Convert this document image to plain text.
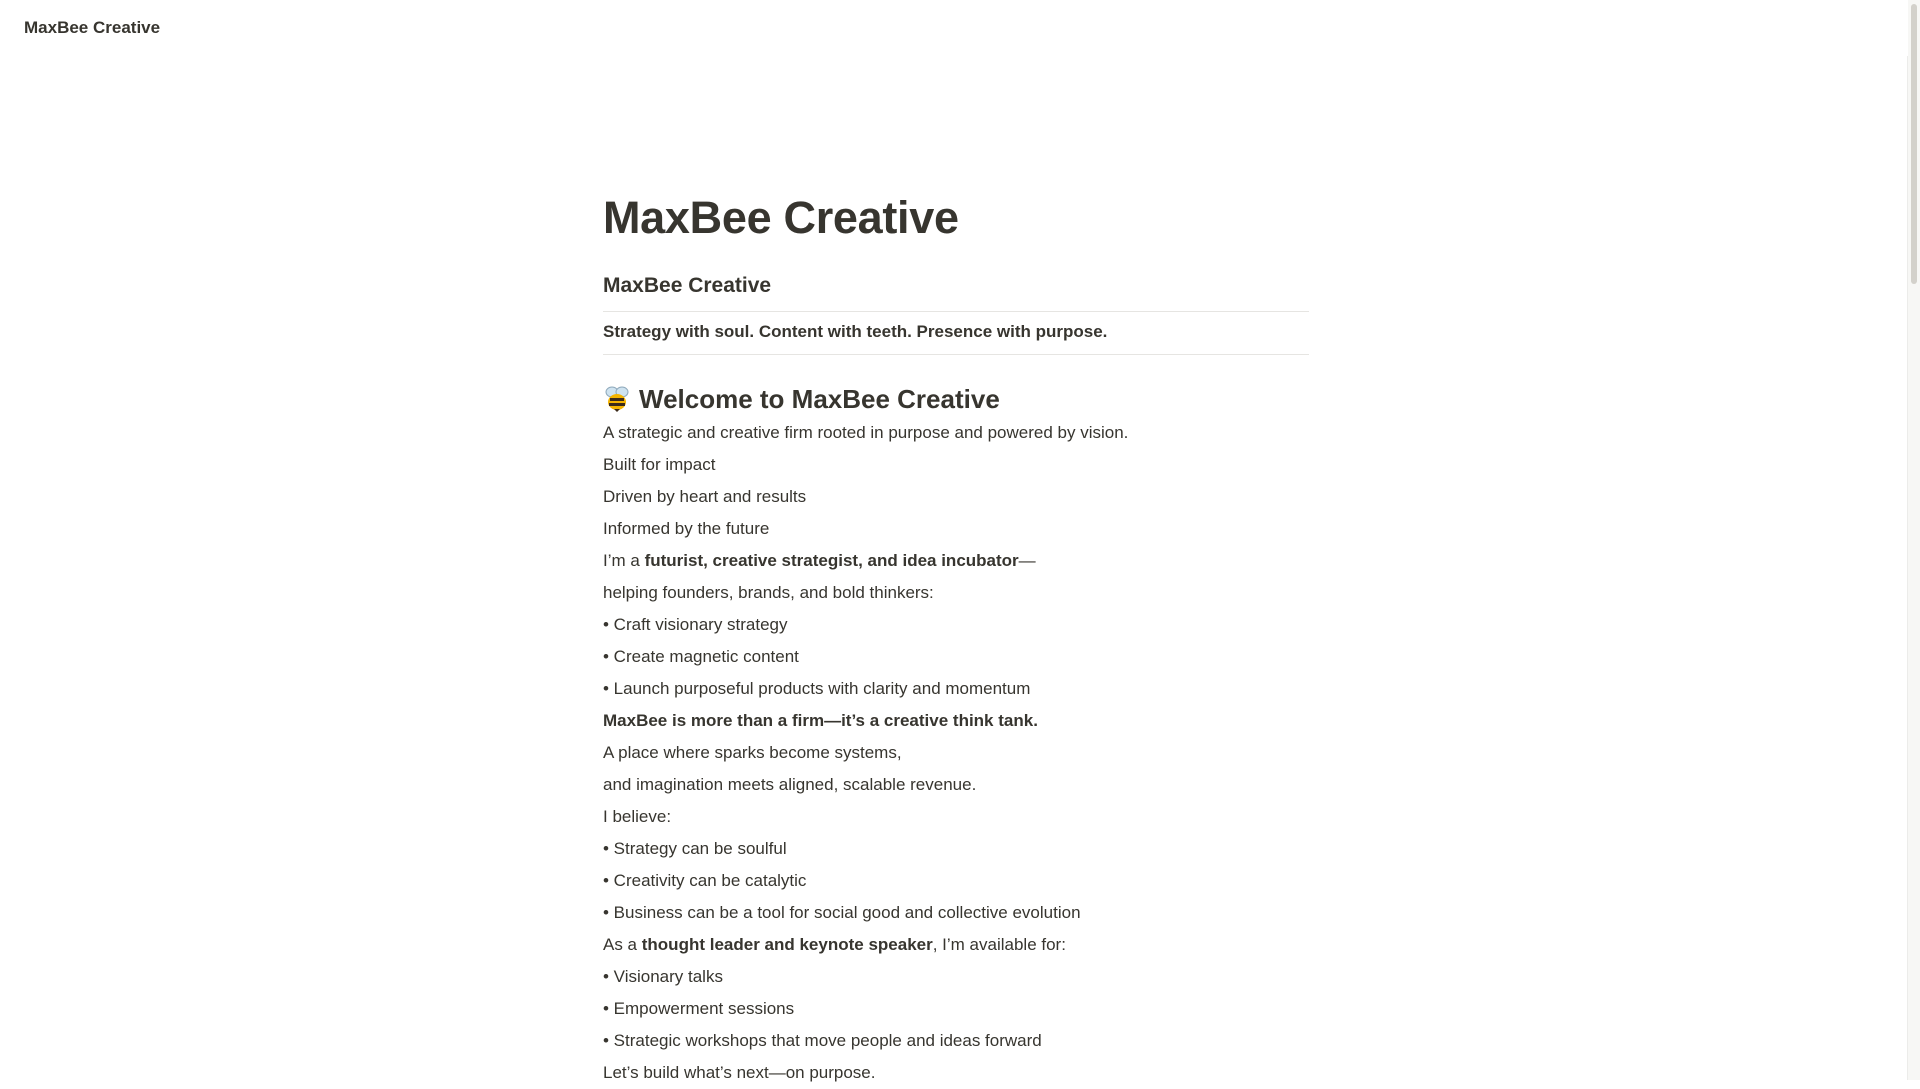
MaxBee Creative
MaxBee Creative
MaxBee Creative

Strategy with soul. Content with teeth. Presence with purpose.

Welcome to MaxBee Creative

A strategic and creative firm rooted in purpose and powered by vision.

Built for impact

Driven by heart and results

Informed by the future

I’m a futurist, creative strategist, and idea incubator—

helping founders, brands, and bold thinkers:

• Craft visionary strategy

• Create magnetic content

• Launch purposeful products with clarity and momentum

MaxBee is more than a firm—it’s a creative think tank.

A place where sparks become systems,

and imagination meets aligned, scalable revenue.

I believe:

• Strategy can be soulful

• Creativity can be catalytic

• Business can be a tool for social good and collective evolution

As a thought leader and keynote speaker, I’m available for:

• Visionary talks

• Empowerment sessions

• Strategic workshops that move people and ideas forward

Let’s build what’s next—on purpose.
